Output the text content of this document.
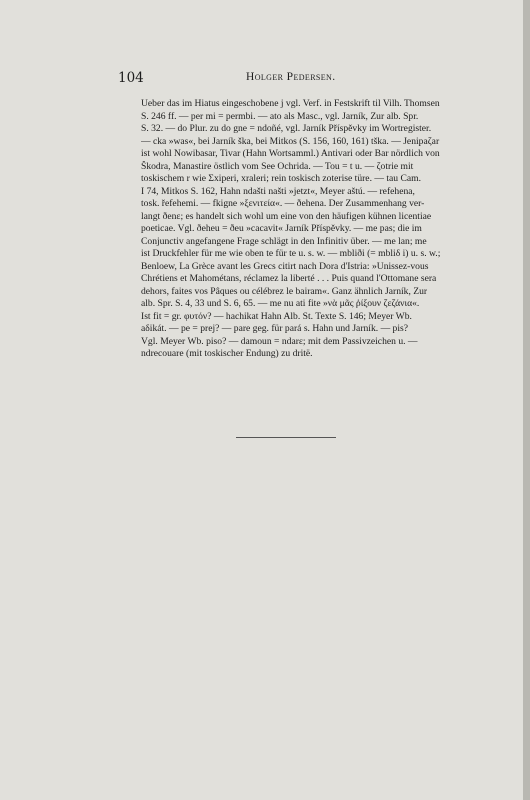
104	Holger Pedersen.
Ueber das im Hiatus eingeschobene j vgl. Verf. in Festskrift til Vilh. Thomsen
S. 246 ff. — per mi = permbi. — ato als Masc., vgl. Jarník, Zur alb. Spr.
S. 32. — do Plur. zu do gne = ndoñé, vgl. Jarník Příspěvky im Wortregister.
— cka »was«, bei Jarník ška, bei Mitkos (S. 156, 160, 161) tška. — Jenipaζar
ist wohl Nowibasar, Tivar (Hahn Wortsamml.) Antivari oder Bar nördlich von
Škodra, Manastire östlich vom See Ochrida. — Tou = t u. — ζotrie mit
toskischem r wie Σxiperi, xraleri; rein toskisch zoterise türe. — tau Cam.
I 74, Mitkos S. 162, Hahn ndašti našti »jetzt«, Meyer aštú. — refehena,
tosk. řefehemi. — fkigne »ξενιτεία«. — ðehena. Der Zusammenhang ver-
langt ðenε; es handelt sich wohl um eine von den häufigen kühnen licentiae
poeticae. Vgl. ðeheu = ðeu »cacavit« Jarník Příspěvky. — me pas; die im
Conjunctiv angefangene Frage schlägt in den Infinitiv über. — me lan; me
ist Druckfehler für me wie oben te für te u. s. w. — mbliði (= mbliδ i) u. s. w.;
Benloew, La Grèce avant les Grecs citirt nach Dora d'Istria: »Unissez-vous
Chrétiens et Mahométans, réclamez la liberté . . . Puis quand l'Ottomane sera
dehors, faites vos Pâques ou célébrez le bairam«. Ganz ähnlich Jarník, Zur
alb. Spr. S. 4, 33 und S. 6, 65. — me nu ati fite »νὰ μᾶς ῥίξουν ζεζάνια«.
Ist fit = gr. φυτόν? — hachikat Hahn Alb. St. Texte S. 146; Meyer Wb.
aδikát. — pe = prej? — pare geg. für pará s. Hahn und Jarník. — pis?
Vgl. Meyer Wb. piso? — damoun = ndarε; mit dem Passivzeichen u. —
ndrecouare (mit toskischer Endung) zu dritë.
